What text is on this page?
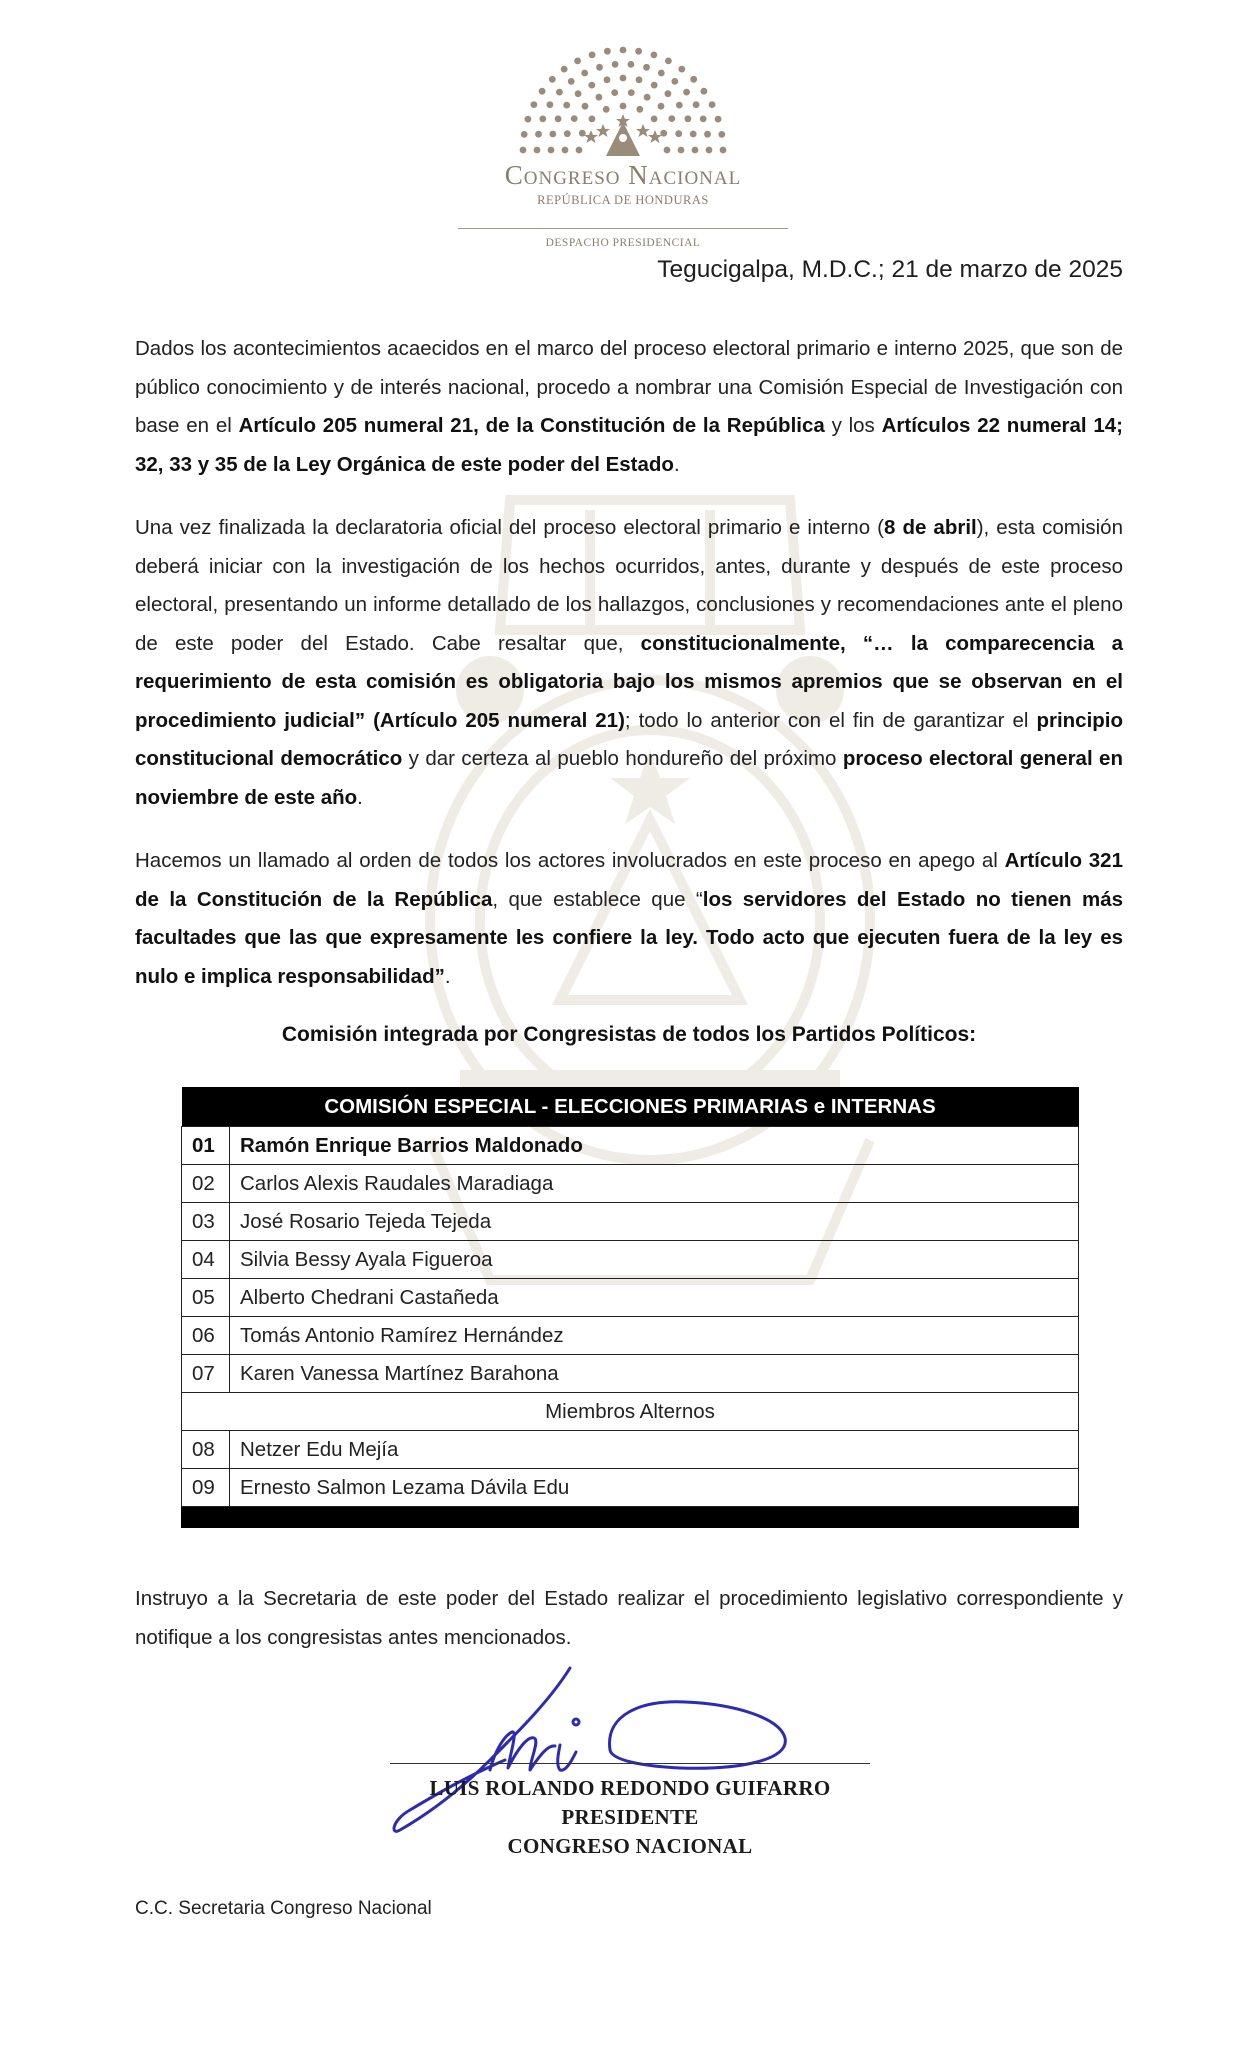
Congreso Nacional
REPÚBLICA DE HONDURAS
DESPACHO PRESIDENCIAL
Tegucigalpa, M.D.C.; 21 de marzo de 2025
Dados los acontecimientos acaecidos en el marco del proceso electoral primario e interno 2025, que son de público conocimiento y de interés nacional, procedo a nombrar una Comisión Especial de Investigación con base en el Artículo 205 numeral 21, de la Constitución de la República y los Artículos 22 numeral 14; 32, 33 y 35 de la Ley Orgánica de este poder del Estado.
Una vez finalizada la declaratoria oficial del proceso electoral primario e interno (8 de abril), esta comisión deberá iniciar con la investigación de los hechos ocurridos, antes, durante y después de este proceso electoral, presentando un informe detallado de los hallazgos, conclusiones y recomendaciones ante el pleno de este poder del Estado. Cabe resaltar que, constitucionalmente, “… la comparecencia a requerimiento de esta comisión es obligatoria bajo los mismos apremios que se observan en el procedimiento judicial” (Artículo 205 numeral 21); todo lo anterior con el fin de garantizar el principio constitucional democrático y dar certeza al pueblo hondureño del próximo proceso electoral general en noviembre de este año.
Hacemos un llamado al orden de todos los actores involucrados en este proceso en apego al Artículo 321 de la Constitución de la República, que establece que “los servidores del Estado no tienen más facultades que las que expresamente les confiere la ley. Todo acto que ejecuten fuera de la ley es nulo e implica responsabilidad”.
Comisión integrada por Congresistas de todos los Partidos Políticos:
COMISIÓN ESPECIAL - ELECCIONES PRIMARIAS e INTERNAS	
01	Ramón Enrique Barrios Maldonado
02	Carlos Alexis Raudales Maradiaga
03	José Rosario Tejeda Tejeda
04	Silvia Bessy Ayala Figueroa
05	Alberto Chedrani Castañeda
06	Tomás Antonio Ramírez Hernández
07	Karen Vanessa Martínez Barahona
Miembros Alternos	
08	Netzer Edu Mejía
09	Ernesto Salmon Lezama Dávila Edu

Instruyo a la Secretaria de este poder del Estado realizar el procedimiento legislativo correspondiente y notifique a los congresistas antes mencionados.
LUIS ROLANDO REDONDO GUIFARRO
PRESIDENTE
CONGRESO NACIONAL
C.C. Secretaria Congreso Nacional
